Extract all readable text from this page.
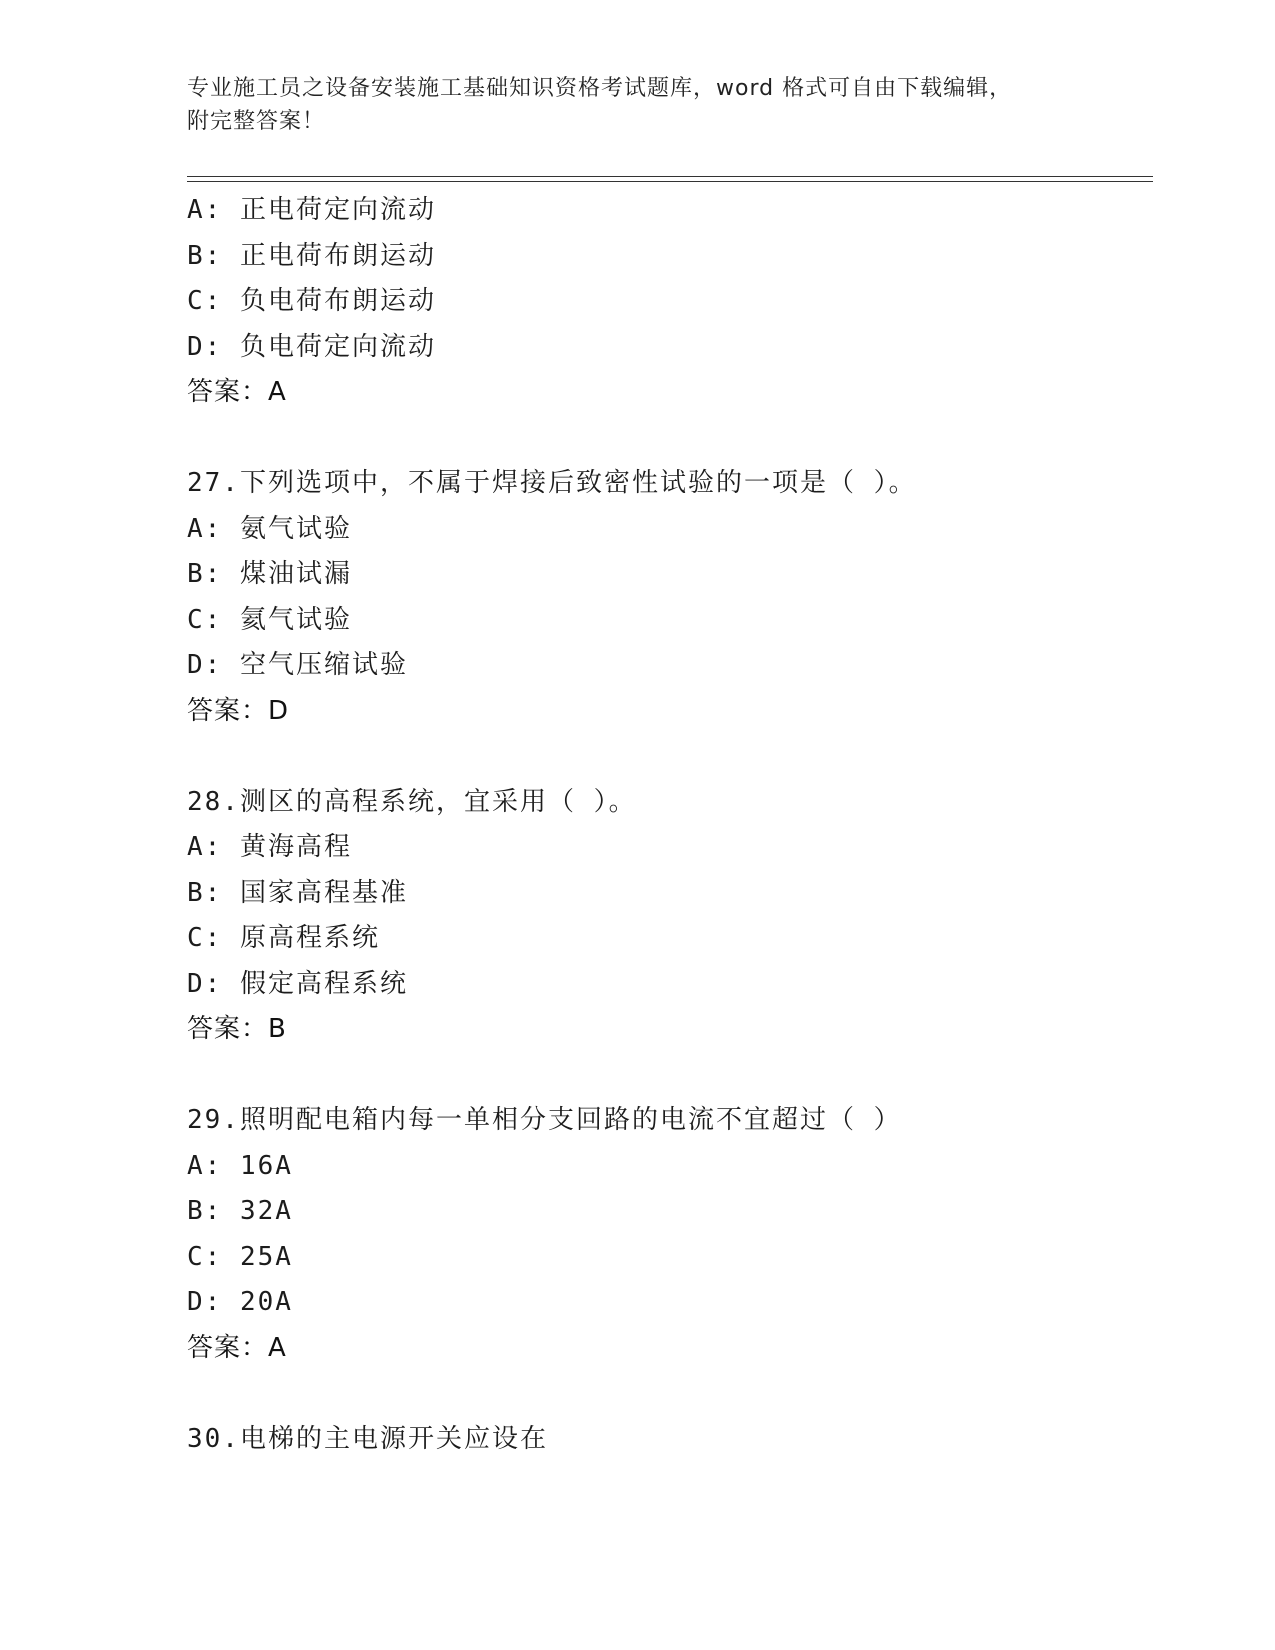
专业施工员之设备安装施工基础知识资格考试题库，word 格式可自由下载编辑，
附完整答案！
A: 正电荷定向流动
B: 正电荷布朗运动
C: 负电荷布朗运动
D: 负电荷定向流动
答案：A
27.下列选项中，不属于焊接后致密性试验的一项是（ ）。
A: 氨气试验
B: 煤油试漏
C: 氦气试验
D: 空气压缩试验
答案：D
28.测区的高程系统，宜采用（ ）。
A: 黄海高程
B: 国家高程基准
C: 原高程系统
D: 假定高程系统
答案：B
29.照明配电箱内每一单相分支回路的电流不宜超过（ ）
A: 16A
B: 32A
C: 25A
D: 20A
答案：A
30.电梯的主电源开关应设在
